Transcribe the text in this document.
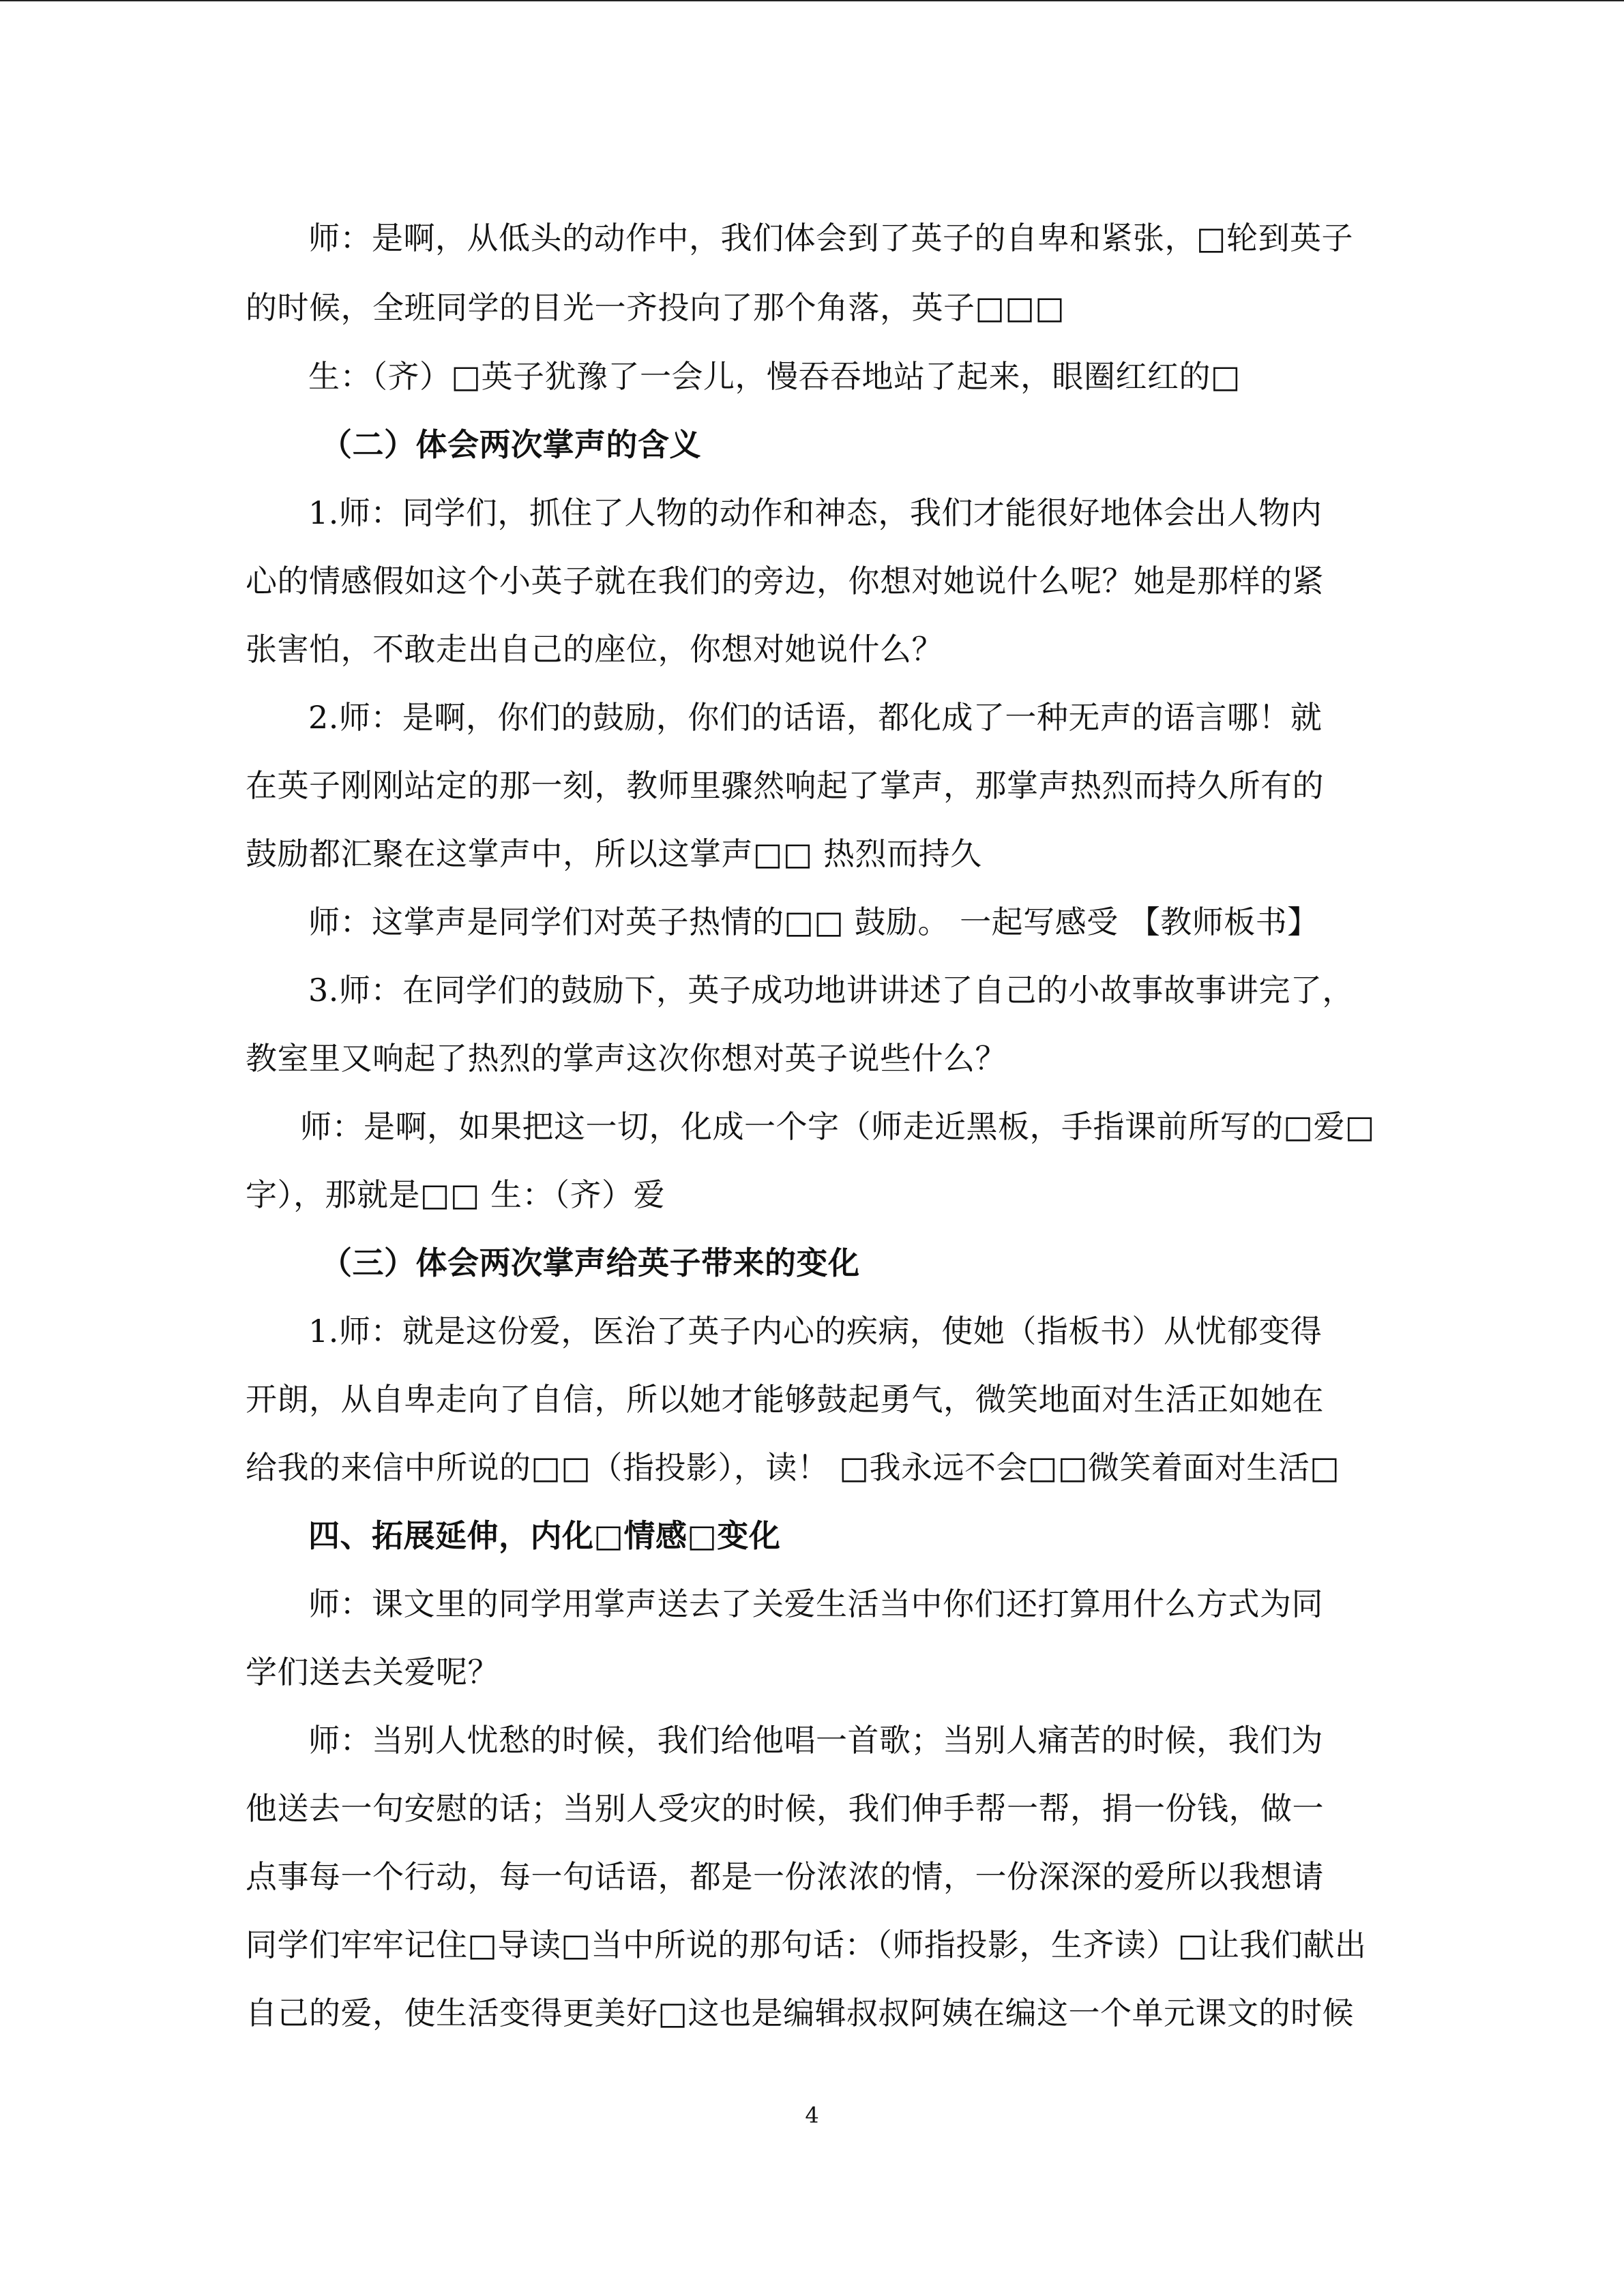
师：是啊，从低头的动作中，我们体会到了英子的自卑和紧张，□轮到英子
的时候，全班同学的目光一齐投向了那个角落，英子□□□
生：（齐）□英子犹豫了一会儿，慢吞吞地站了起来，眼圈红红的□
（二）体会两次掌声的含义
1.师：同学们，抓住了人物的动作和神态，我们才能很好地体会出人物内
心的情感假如这个小英子就在我们的旁边，你想对她说什么呢？她是那样的紧
张害怕，不敢走出自己的座位，你想对她说什么？
2.师：是啊，你们的鼓励，你们的话语，都化成了一种无声的语言哪！就
在英子刚刚站定的那一刻，教师里骤然响起了掌声，那掌声热烈而持久所有的
鼓励都汇聚在这掌声中，所以这掌声□□ 热烈而持久
师：这掌声是同学们对英子热情的□□ 鼓励。 一起写感受 【教师板书】
3.师：在同学们的鼓励下，英子成功地讲讲述了自己的小故事故事讲完了，
教室里又响起了热烈的掌声这次你想对英子说些什么？
师：是啊，如果把这一切，化成一个字（师走近黑板，手指课前所写的□爱□
字），那就是□□ 生：（齐）爱
（三）体会两次掌声给英子带来的变化
1.师：就是这份爱，医治了英子内心的疾病，使她（指板书）从忧郁变得
开朗，从自卑走向了自信，所以她才能够鼓起勇气，微笑地面对生活正如她在
给我的来信中所说的□□（指投影），读！ □我永远不会□□微笑着面对生活□
四、拓展延伸，内化□情感□变化
师：课文里的同学用掌声送去了关爱生活当中你们还打算用什么方式为同
学们送去关爱呢？
师：当别人忧愁的时候，我们给他唱一首歌；当别人痛苦的时候，我们为
他送去一句安慰的话；当别人受灾的时候，我们伸手帮一帮，捐一份钱，做一
点事每一个行动，每一句话语，都是一份浓浓的情，一份深深的爱所以我想请
同学们牢牢记住□导读□当中所说的那句话：（师指投影，生齐读）□让我们献出
自己的爱，使生活变得更美好□这也是编辑叔叔阿姨在编这一个单元课文的时候
4
